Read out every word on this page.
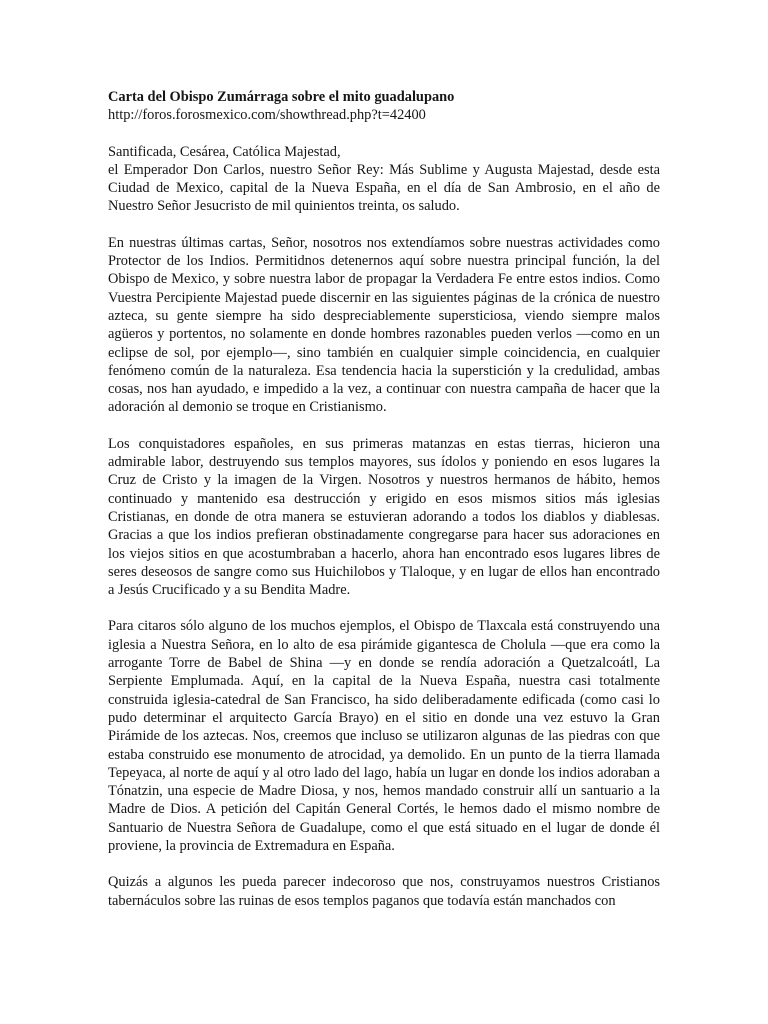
Carta del Obispo Zumárraga sobre el mito guadalupano

http://foros.forosmexico.com/showthread.php?t=42400

Santificada, Cesárea, Católica Majestad,

el Emperador Don Carlos, nuestro Señor Rey: Más Sublime y Augusta Majestad, desde esta Ciudad de Mexico, capital de la Nueva España, en el día de San Ambrosio, en el año de Nuestro Señor Jesucristo de mil quinientos treinta, os saludo.

En nuestras últimas cartas, Señor, nosotros nos extendíamos sobre nuestras actividades como Protector de los Indios. Permitidnos detenernos aquí sobre nuestra principal función, la del Obispo de Mexico, y sobre nuestra labor de propagar la Verdadera Fe entre estos indios. Como Vuestra Percipiente Majestad puede discernir en las siguientes páginas de la crónica de nuestro azteca, su gente siempre ha sido despreciablemente supersticiosa, viendo siempre malos agüeros y portentos, no solamente en donde hombres razonables pueden verlos —como en un eclipse de sol, por ejemplo—, sino también en cualquier simple coincidencia, en cualquier fenómeno común de la naturaleza. Esa tendencia hacia la superstición y la credulidad, ambas cosas, nos han ayudado, e impedido a la vez, a continuar con nuestra campaña de hacer que la adoración al demonio se troque en Cristianismo.

Los conquistadores españoles, en sus primeras matanzas en estas tierras, hicieron una admirable labor, destruyendo sus templos mayores, sus ídolos y poniendo en esos lugares la Cruz de Cristo y la imagen de la Virgen. Nosotros y nuestros hermanos de hábito, hemos continuado y mantenido esa destrucción y erigido en esos mismos sitios más iglesias Cristianas, en donde de otra manera se estuvieran adorando a todos los diablos y diablesas. Gracias a que los indios prefieran obstinadamente congregarse para hacer sus adoraciones en los viejos sitios en que acostumbraban a hacerlo, ahora han encontrado esos lugares libres de seres deseosos de sangre como sus Huichilobos y Tlaloque, y en lugar de ellos han encontrado a Jesús Crucificado y a su Bendita Madre.

Para citaros sólo alguno de los muchos ejemplos, el Obispo de Tlaxcala está construyendo una iglesia a Nuestra Señora, en lo alto de esa pirámide gigantesca de Cholula —que era como la arrogante Torre de Babel de Shina —y en donde se rendía adoración a Quetzalcoátl, La Serpiente Emplumada. Aquí, en la capital de la Nueva España, nuestra casi totalmente construida iglesia-catedral de San Francisco, ha sido deliberadamente edificada (como casi lo pudo determinar el arquitecto García Brayo) en el sitio en donde una vez estuvo la Gran Pirámide de los aztecas. Nos, creemos que incluso se utilizaron algunas de las piedras con que estaba construido ese monumento de atrocidad, ya demolido. En un punto de la tierra llamada Tepeyaca, al norte de aquí y al otro lado del lago, había un lugar en donde los indios adoraban a Tónatzin, una especie de Madre Diosa, y nos, hemos mandado construir allí un santuario a la Madre de Dios. A petición del Capitán General Cortés, le hemos dado el mismo nombre de Santuario de Nuestra Señora de Guadalupe, como el que está situado en el lugar de donde él proviene, la provincia de Extremadura en España.

Quizás a algunos les pueda parecer indecoroso que nos, construyamos nuestros Cristianos tabernáculos sobre las ruinas de esos templos paganos que todavía están manchados con
